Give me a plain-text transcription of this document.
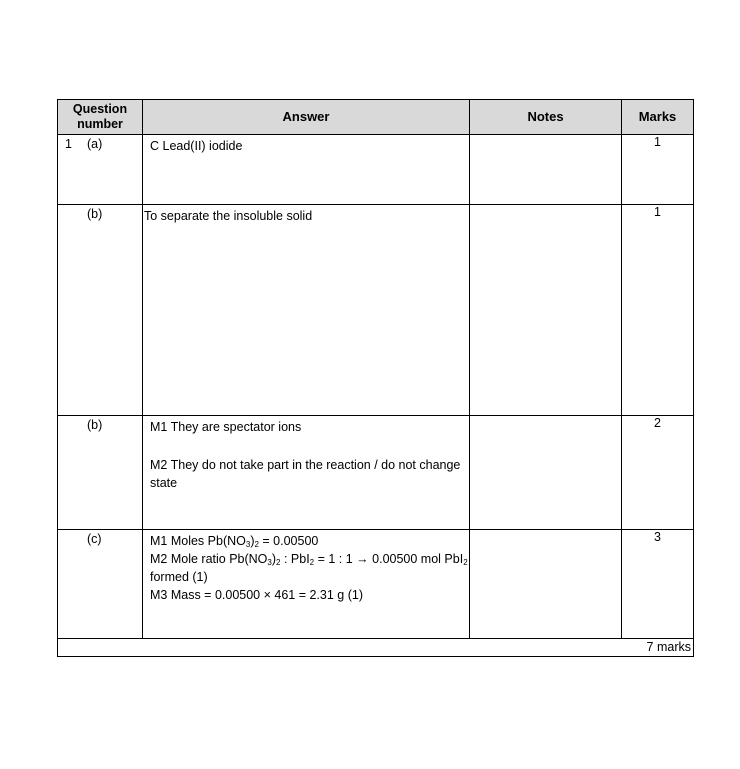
Question
number	Answer	Notes	Marks

1 (a)	C Lead(II) iodide		1

(b)	To separate the insoluble solid		1

(b)	M1 They are spectator ions

M2 They do not take part in the reaction / do not change state		2

(c)	M1 Moles $Pb(NO_3)_2 = 0.00500$

M2 Mole ratio $Pb(NO_3)_2$ : PbI$_2$ = 1 : 1 → 0.00500 mol PbI$_2$ formed (1)

M3 Mass = 0.00500 × 461 = 2.31 g (1)		3
7 marks			
